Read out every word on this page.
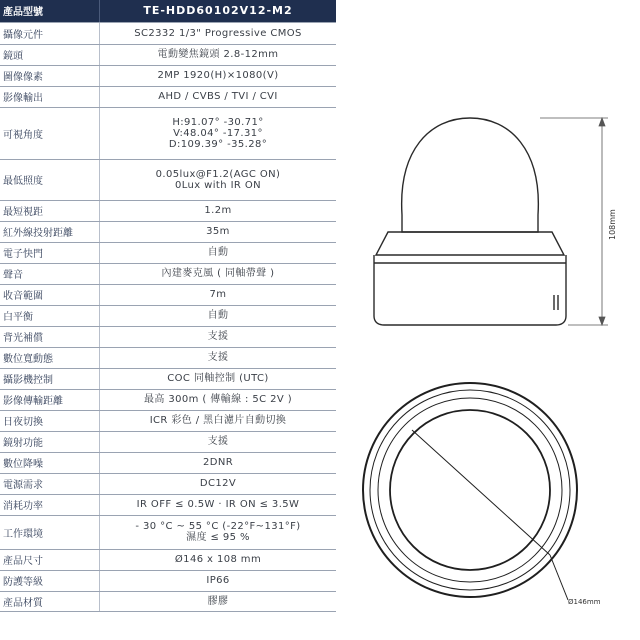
產品型號	TE-HDD60102V12-M2
攝像元件	SC2332 1/3" Progressive CMOS
鏡頭	電動變焦鏡頭 2.8-12mm
圖像像素	2MP 1920(H)×1080(V)
影像輸出	AHD / CVBS / TVI / CVI
可視角度	H:91.07° -30.71°
V:48.04° -17.31°
D:109.39° -35.28°
最低照度	0.05lux@F1.2(AGC ON)
0Lux with IR ON
最短視距	1.2m
紅外線投射距離	35m
電子快門	自動
聲音	內建麥克風 ( 同軸帶聲 )
收音範圍	7m
白平衡	自動
背光補償	支援
數位寬動態	支援
攝影機控制	COC 同軸控制 (UTC)
影像傳輸距離	最高 300m ( 傳輸線 : 5C 2V )
日夜切換	ICR 彩色 / 黑白濾片自動切換
鏡射功能	支援
數位降噪	2DNR
電源需求	DC12V
消耗功率	IR OFF ≤ 0.5W · IR ON ≤ 3.5W
工作環境	- 30 °C ~ 55 °C (-22°F~131°F)
濕度 ≤ 95 %
產品尺寸	Ø146 x 108 mm
防護等級	IP66
產品材質	膠膠
108mm
Ø146mm
